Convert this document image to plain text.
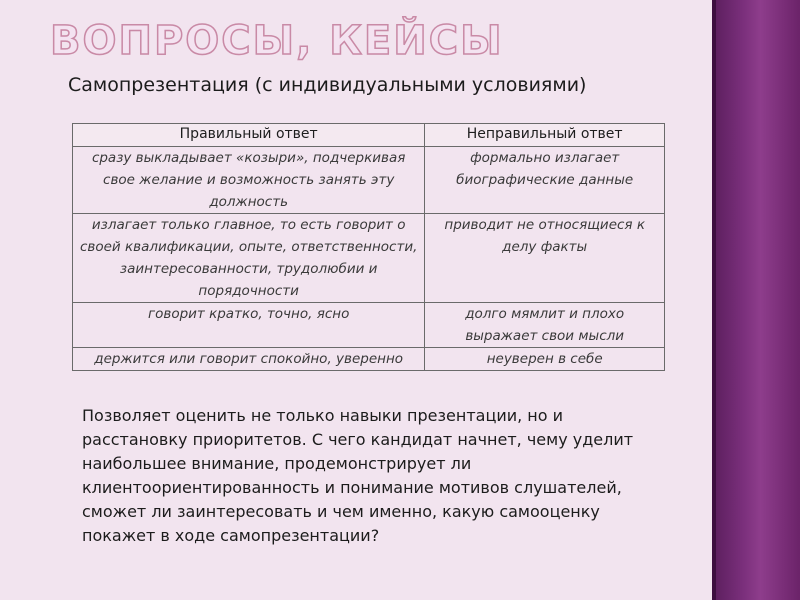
ВОПРОСЫ, КЕЙСЫ
Самопрезентация (с индивидуальными условиями)
Правильный ответ	Неправильный ответ
сразу выкладывает «козыри», подчеркивая свое желание и возможность занять эту должность	формально излагает биографические данные
излагает только главное, то есть говорит о своей квалификации, опыте, ответственности, заинтересованности, трудолюбии и порядочности	приводит не относящиеся к делу факты
говорит кратко, точно, ясно	долго мямлит и плохо выражает свои мысли
держится или говорит спокойно, уверенно	неуверен в себе
Позволяет оценить не только навыки презентации, но и расстановку приоритетов. С чего кандидат начнет, чему уделит наибольшее внимание, продемонстрирует ли клиентоориентированность и понимание мотивов слушателей, сможет ли заинтересовать и чем именно, какую самооценку покажет в ходе самопрезентации?
